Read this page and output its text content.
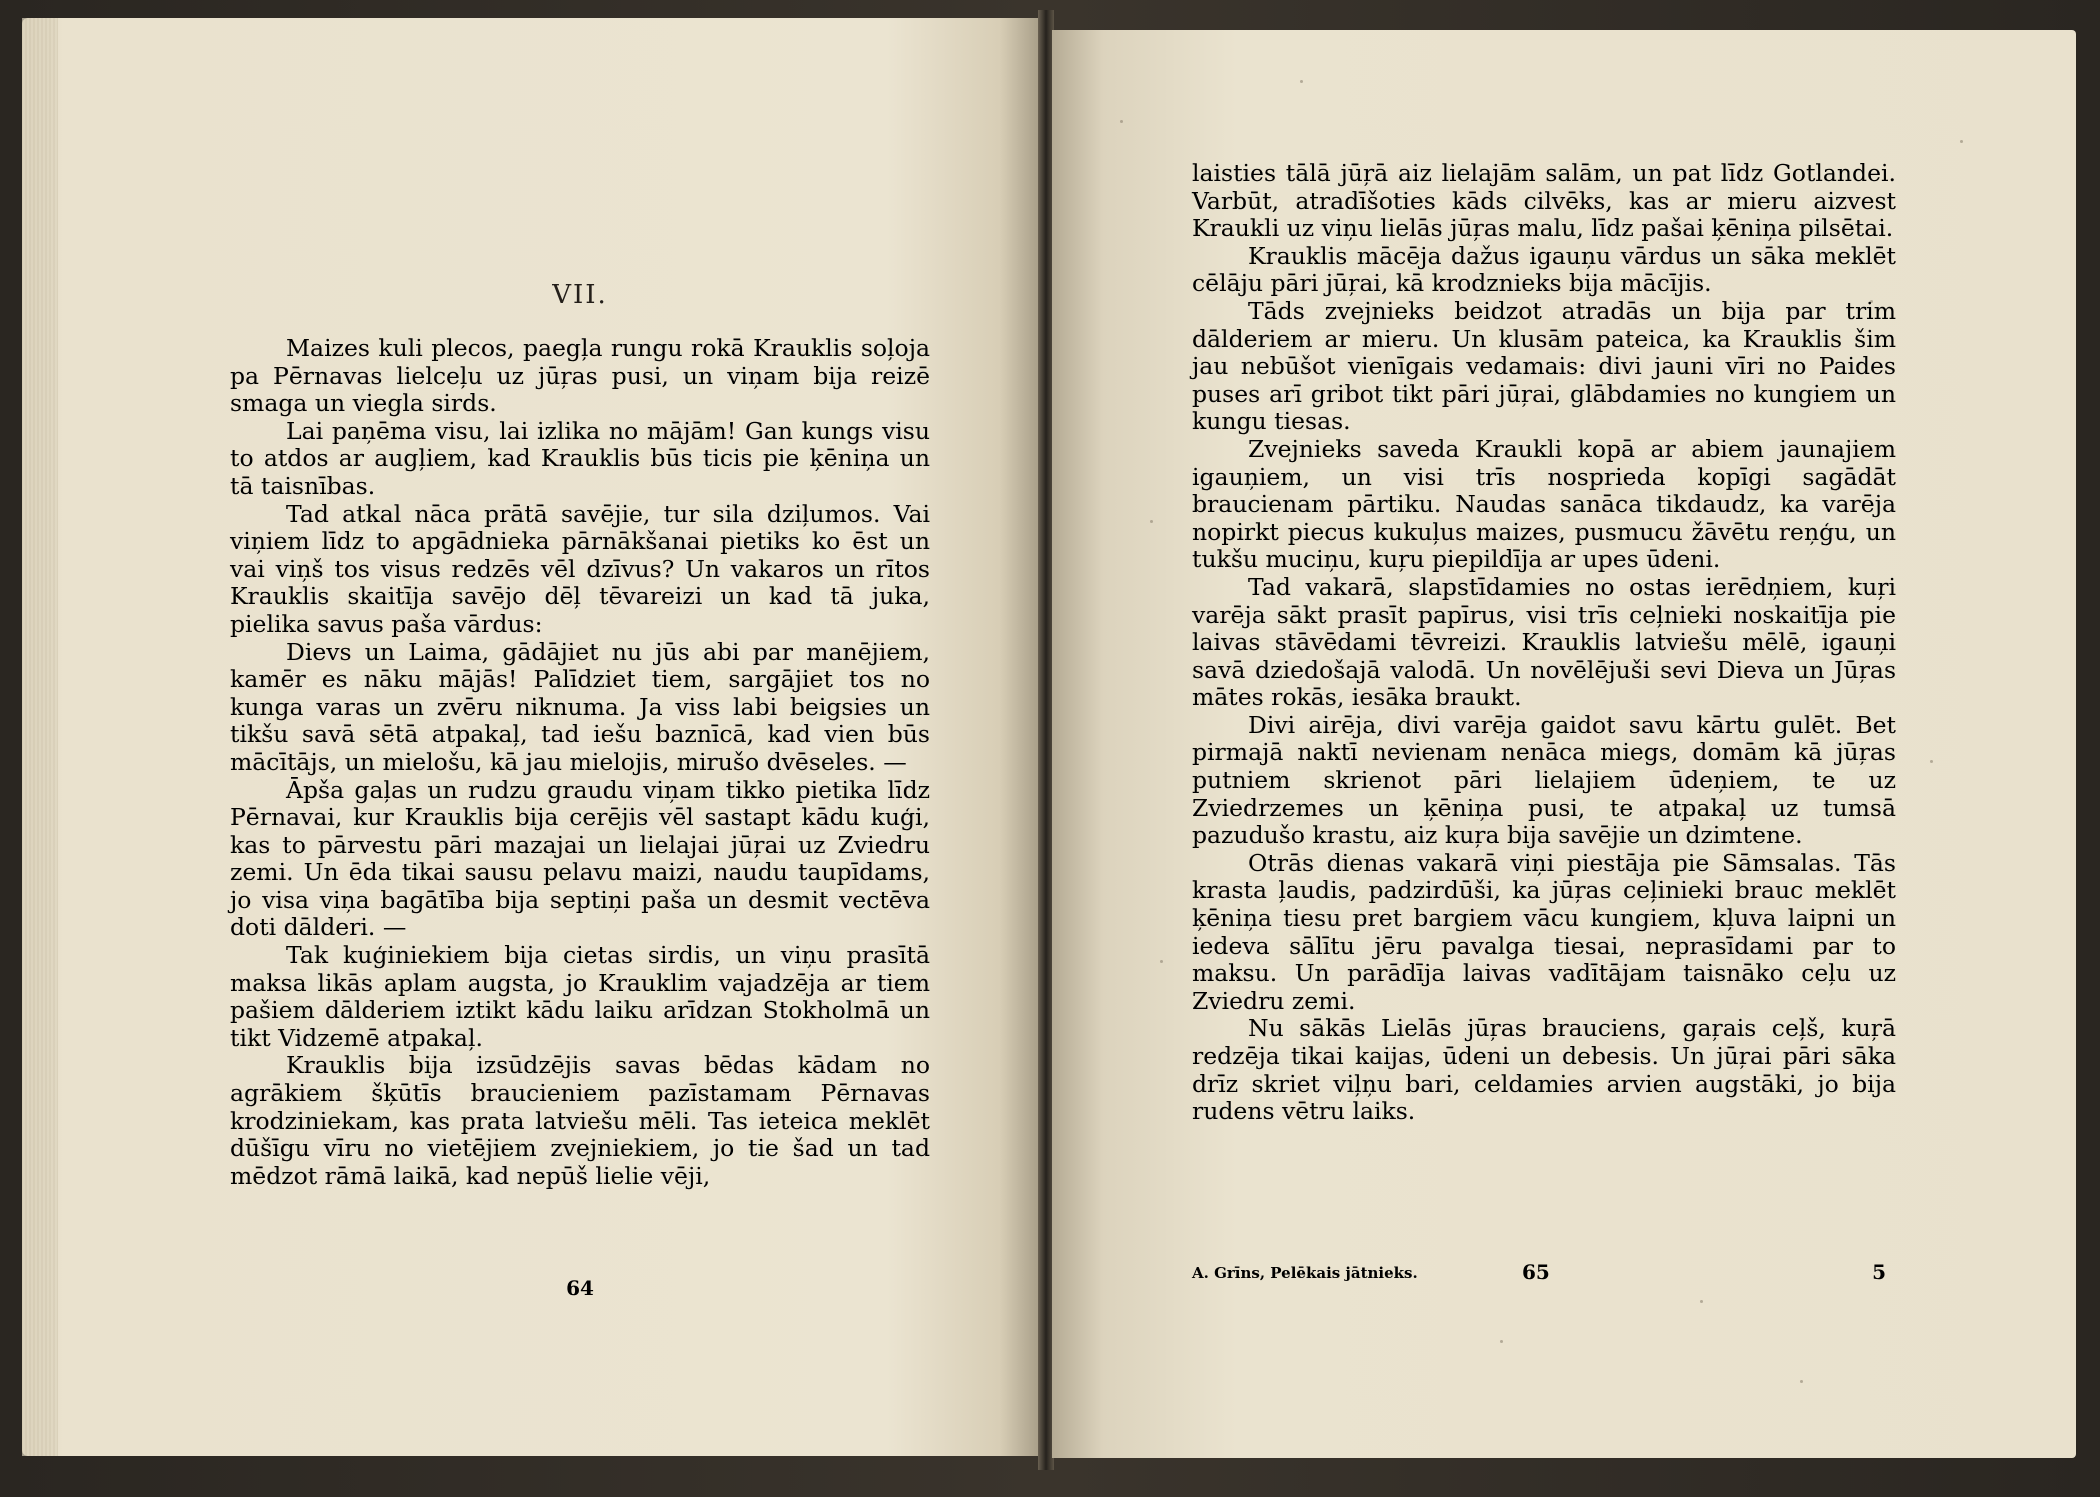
VII.

Maizes kuli plecos, paegļa rungu rokā Krauklis soļoja pa Pērnavas lielceļu uz jūŗas pusi, un viņam bija reizē smaga un viegla sirds.

Lai paņēma visu, lai izlika no mājām! Gan kungs visu to atdos ar augļiem, kad Krauklis būs ticis pie ķēniņa un tā taisnības.

Tad atkal nāca prātā savējie, tur sila dziļumos. Vai viņiem līdz to apgādnieka pārnākšanai pietiks ko ēst un vai viņš tos visus redzēs vēl dzīvus? Un vakaros un rītos Krauklis skaitīja savējo dēļ tēvareizi un kad tā juka, pielika savus paša vārdus:

Dievs un Laima, gādājiet nu jūs abi par manējiem, kamēr es nāku mājās! Palīdziet tiem, sargājiet tos no kunga varas un zvēru niknuma. Ja viss labi beigsies un tikšu savā sētā atpakaļ, tad iešu baznīcā, kad vien būs mācītājs, un mielošu, kā jau mielojis, mirušo dvēseles. —

Āpša gaļas un rudzu graudu viņam tikko pietika līdz Pērnavai, kur Krauklis bija cerējis vēl sastapt kādu kuģi, kas to pārvestu pāri mazajai un lielajai jūŗai uz Zviedru zemi. Un ēda tikai sausu pelavu maizi, naudu taupīdams, jo visa viņa bagātība bija septiņi paša un desmit vectēva doti dālderi. —

Tak kuģiniekiem bija cietas sirdis, un viņu prasītā maksa likās aplam augsta, jo Krauklim vajadzēja ar tiem pašiem dālderiem iztikt kādu laiku arīdzan Stokholmā un tikt Vidzemē atpakaļ.

Krauklis bija izsūdzējis savas bēdas kādam no agrākiem šķūtīs braucieniem pazīstamam Pērnavas krodziniekam, kas prata latviešu mēli. Tas ieteica meklēt dūšīgu vīru no vietējiem zvejniekiem, jo tie šad un tad mēdzot rāmā laikā, kad nepūš lielie vēji,

64

laisties tālā jūŗā aiz lielajām salām, un pat līdz Gotlandei. Varbūt, atradīšoties kāds cilvēks, kas ar mieru aizvest Kraukli uz viņu lielās jūŗas malu, līdz pašai ķēniņa pilsētai.

Krauklis mācēja dažus igauņu vārdus un sāka meklēt cēlāju pāri jūŗai, kā krodznieks bija mācījis.

Tāds zvejnieks beidzot atradās un bija par trim dālderiem ar mieru. Un klusām pateica, ka Krauklis šim jau nebūšot vienīgais vedamais: divi jauni vīri no Paides puses arī gribot tikt pāri jūŗai, glābdamies no kungiem un kungu tiesas.

Zvejnieks saveda Kraukli kopā ar abiem jaunajiem igauņiem, un visi trīs nosprieda kopīgi sagādāt braucienam pārtiku. Naudas sanāca tikdaudz, ka varēja nopirkt piecus kukuļus maizes, pusmucu žāvētu reņģu, un tukšu muciņu, kuŗu piepildīja ar upes ūdeni.

Tad vakarā, slapstīdamies no ostas ierēdņiem, kuŗi varēja sākt prasīt papīrus, visi trīs ceļnieki noskaitīja pie laivas stāvēdami tēvreizi. Krauklis latviešu mēlē, igauņi savā dziedošajā valodā. Un novēlējuši sevi Dieva un Jūŗas mātes rokās, iesāka braukt.

Divi airēja, divi varēja gaidot savu kārtu gulēt. Bet pirmajā naktī nevienam nenāca miegs, domām kā jūŗas putniem skrienot pāri lielajiem ūdeņiem, te uz Zviedrzemes un ķēniņa pusi, te atpakaļ uz tumsā pazudušo krastu, aiz kuŗa bija savējie un dzimtene.

Otrās dienas vakarā viņi piestāja pie Sāmsalas. Tās krasta ļaudis, padzirdūši, ka jūŗas ceļinieki brauc meklēt ķēniņa tiesu pret bargiem vācu kungiem, kļuva laipni un iedeva sālītu jēru pavalga tiesai, neprasīdami par to maksu. Un parādīja laivas vadītājam taisnāko ceļu uz Zviedru zemi.

Nu sākās Lielās jūŗas brauciens, gaŗais ceļš, kuŗā redzēja tikai kaijas, ūdeni un debesis. Un jūŗai pāri sāka drīz skriet viļņu bari, celdamies arvien augstāki, jo bija rudens vētru laiks.

A. Grīns, Pelēkais jātnieks.	65	5
